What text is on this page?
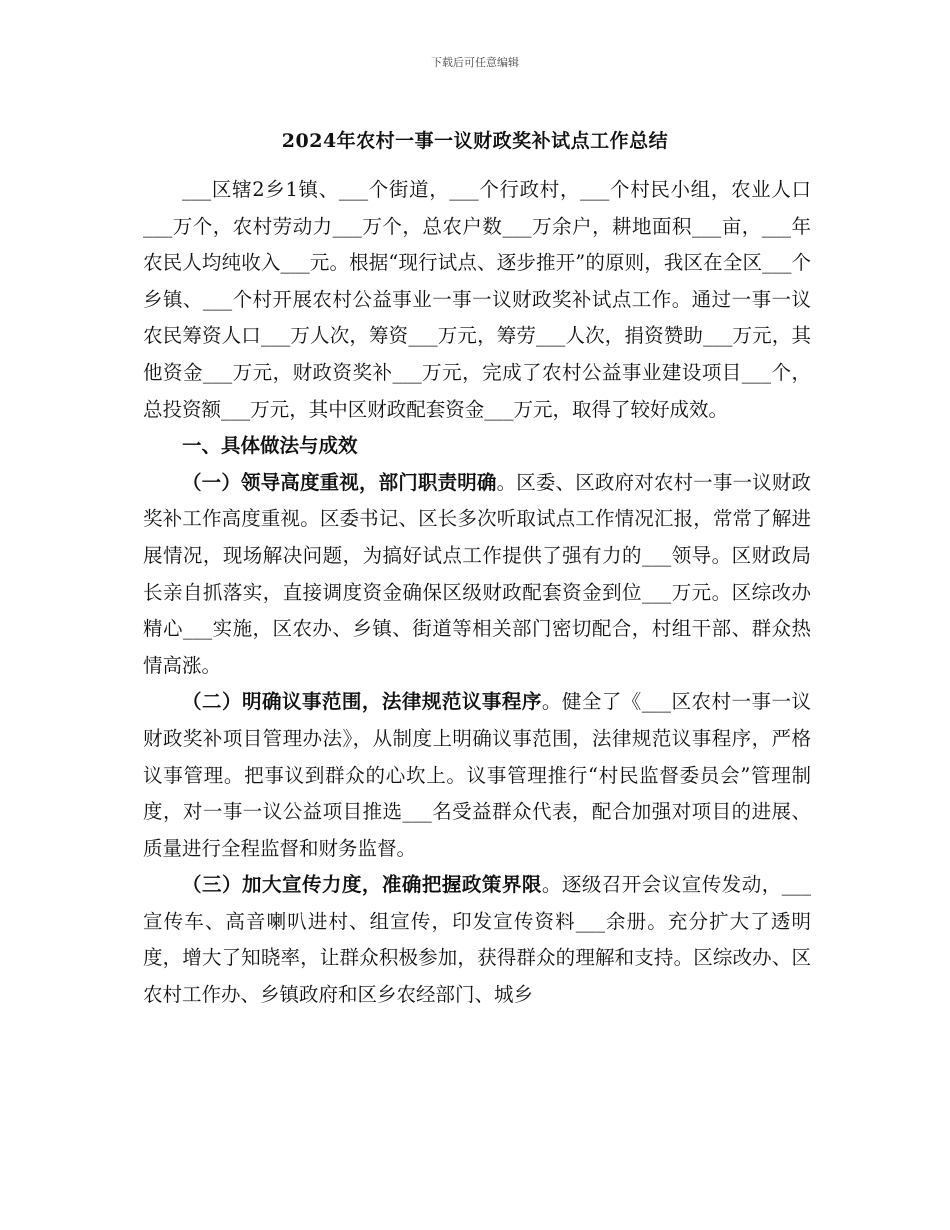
下载后可任意编辑
2024年农村一事一议财政奖补试点工作总结

___区辖2乡1镇、___个街道，___个行政村，___个村民小组，农业人口___万个，农村劳动力___万个，总农户数___万余户，耕地面积___亩，___年农民人均纯收入___元。根据“现行试点、逐步推开”的原则，我区在全区___个乡镇、___个村开展农村公益事业一事一议财政奖补试点工作。通过一事一议农民筹资人口___万人次，筹资___万元，筹劳___人次，捐资赞助___万元，其他资金___万元，财政资奖补___万元，完成了农村公益事业建设项目___个，总投资额___万元，其中区财政配套资金___万元，取得了较好成效。

一、具体做法与成效

（一）领导高度重视，部门职责明确。区委、区政府对农村一事一议财政奖补工作高度重视。区委书记、区长多次听取试点工作情况汇报，常常了解进展情况，现场解决问题，为搞好试点工作提供了强有力的___领导。区财政局长亲自抓落实，直接调度资金确保区级财政配套资金到位___万元。区综改办精心___实施，区农办、乡镇、街道等相关部门密切配合，村组干部、群众热情高涨。

（二）明确议事范围，法律规范议事程序。健全了《___区农村一事一议财政奖补项目管理办法》，从制度上明确议事范围，法律规范议事程序，严格议事管理。把事议到群众的心坎上。议事管理推行“村民监督委员会”管理制度，对一事一议公益项目推选___名受益群众代表，配合加强对项目的进展、质量进行全程监督和财务监督。

（三）加大宣传力度，准确把握政策界限。逐级召开会议宣传发动，___宣传车、高音喇叭进村、组宣传，印发宣传资料___余册。充分扩大了透明度，增大了知晓率，让群众积极参加，获得群众的理解和支持。区综改办、区农村工作办、乡镇政府和区乡农经部门、城乡
